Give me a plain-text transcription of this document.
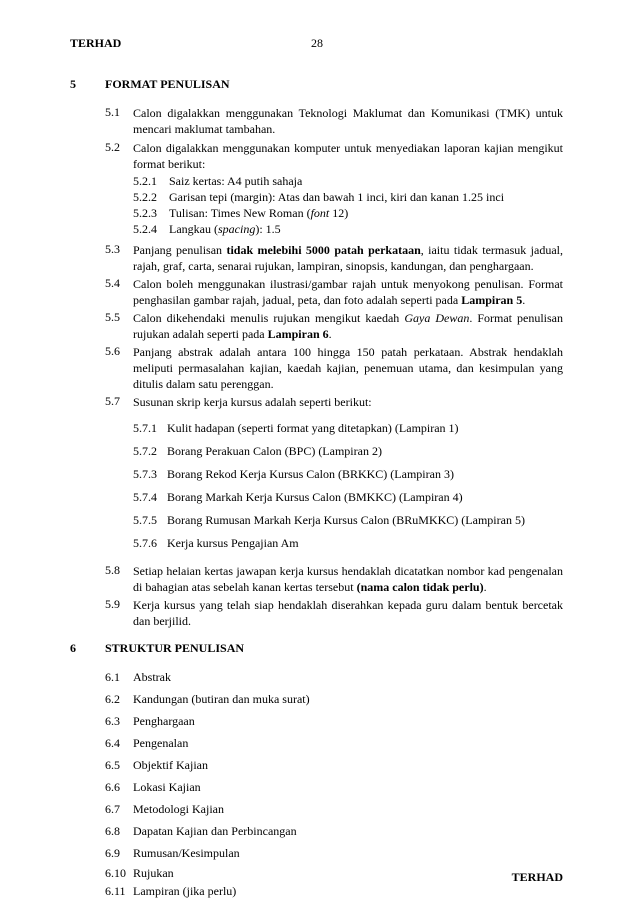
TERHAD	28
5 FORMAT PENULISAN
5.1 Calon digalakkan menggunakan Teknologi Maklumat dan Komunikasi (TMK) untuk mencari maklumat tambahan.
5.2 Calon digalakkan menggunakan komputer untuk menyediakan laporan kajian mengikut format berikut:
5.2.1 Saiz kertas: A4 putih sahaja
5.2.2 Garisan tepi (margin): Atas dan bawah 1 inci, kiri dan kanan 1.25 inci
5.2.3 Tulisan: Times New Roman (font 12)
5.2.4 Langkau (spacing): 1.5
5.3 Panjang penulisan tidak melebihi 5000 patah perkataan, iaitu tidak termasuk jadual, rajah, graf, carta, senarai rujukan, lampiran, sinopsis, kandungan, dan penghargaan.
5.4 Calon boleh menggunakan ilustrasi/gambar rajah untuk menyokong penulisan. Format penghasilan gambar rajah, jadual, peta, dan foto adalah seperti pada Lampiran 5.
5.5 Calon dikehendaki menulis rujukan mengikut kaedah Gaya Dewan. Format penulisan rujukan adalah seperti pada Lampiran 6.
5.6 Panjang abstrak adalah antara 100 hingga 150 patah perkataan. Abstrak hendaklah meliputi permasalahan kajian, kaedah kajian, penemuan utama, dan kesimpulan yang ditulis dalam satu perenggan.
5.7 Susunan skrip kerja kursus adalah seperti berikut:
5.7.1 Kulit hadapan (seperti format yang ditetapkan) (Lampiran 1)
5.7.2 Borang Perakuan Calon (BPC) (Lampiran 2)
5.7.3 Borang Rekod Kerja Kursus Calon (BRKKC) (Lampiran 3)
5.7.4 Borang Markah Kerja Kursus Calon (BMKKC) (Lampiran 4)
5.7.5 Borang Rumusan Markah Kerja Kursus Calon (BRuMKKC) (Lampiran 5)
5.7.6 Kerja kursus Pengajian Am
5.8 Setiap helaian kertas jawapan kerja kursus hendaklah dicatatkan nombor kad pengenalan di bahagian atas sebelah kanan kertas tersebut (nama calon tidak perlu).
5.9 Kerja kursus yang telah siap hendaklah diserahkan kepada guru dalam bentuk bercetak dan berjilid.
6 STRUKTUR PENULISAN
6.1 Abstrak
6.2 Kandungan (butiran dan muka surat)
6.3 Penghargaan
6.4 Pengenalan
6.5 Objektif Kajian
6.6 Lokasi Kajian
6.7 Metodologi Kajian
6.8 Dapatan Kajian dan Perbincangan
6.9 Rumusan/Kesimpulan
6.10 Rujukan
6.11 Lampiran (jika perlu)
TERHAD
